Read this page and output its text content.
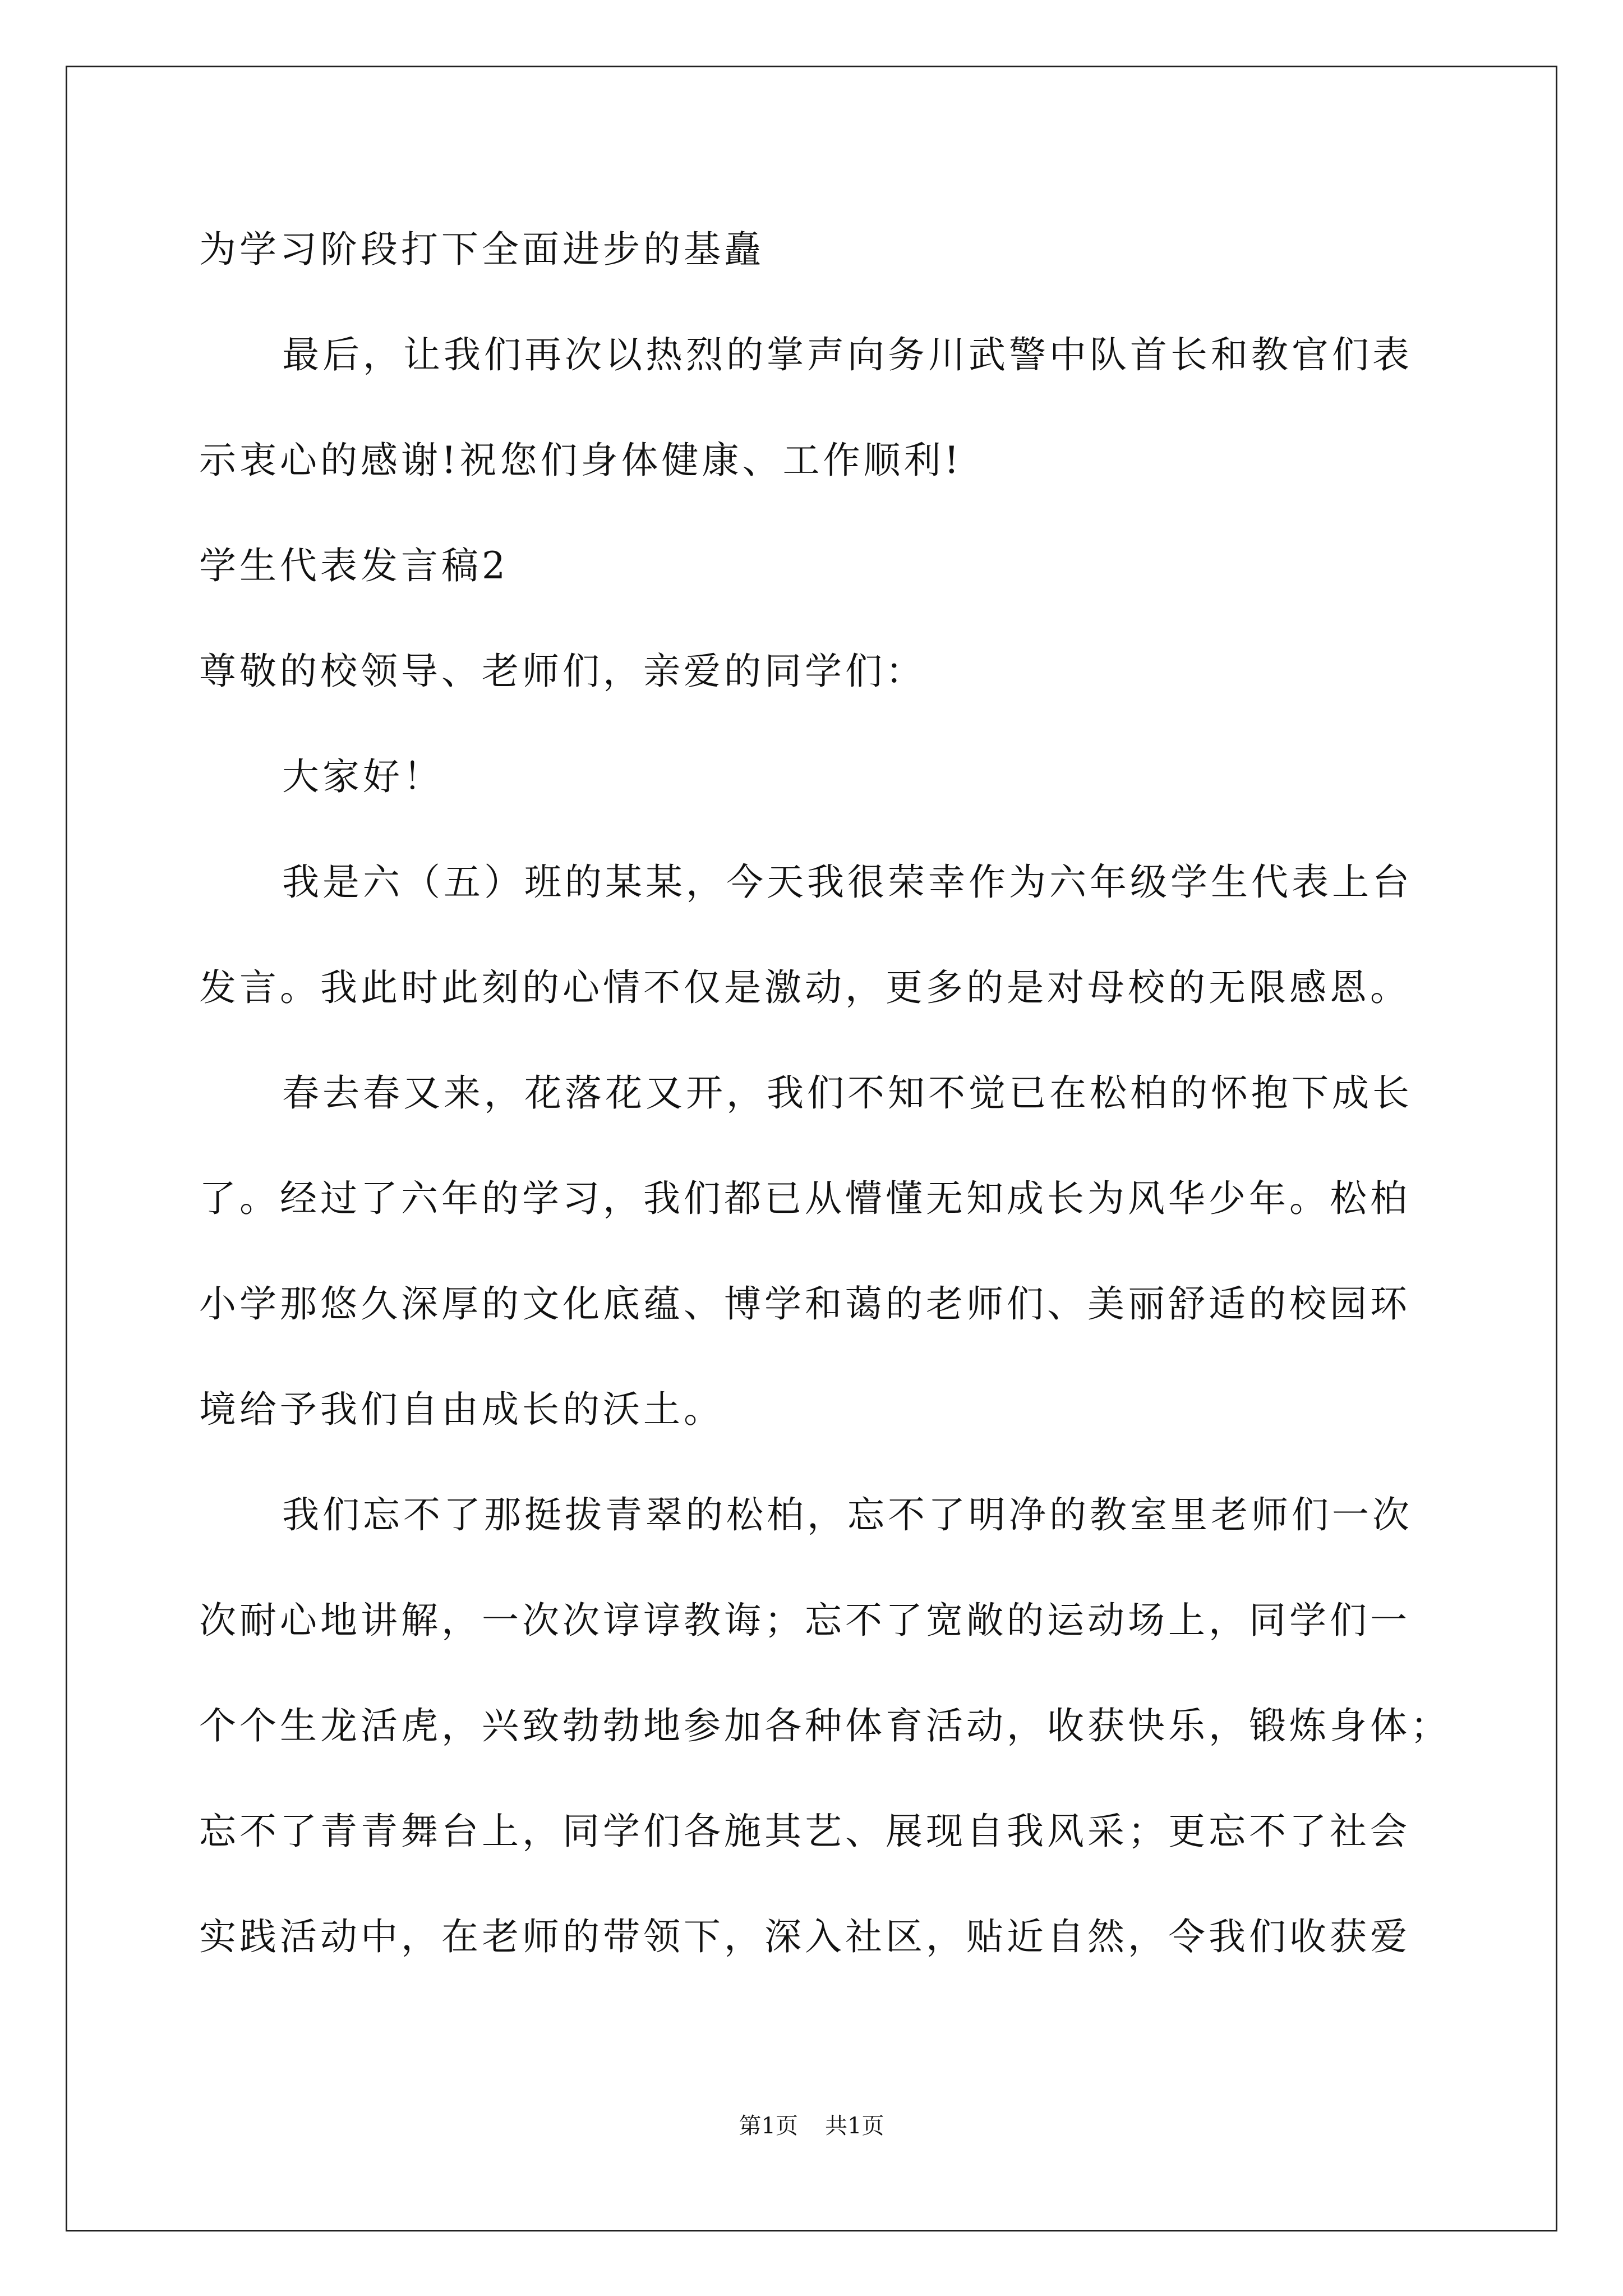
为学习阶段打下全面进步的基矗
最后，让我们再次以热烈的掌声向务川武警中队首长和教官们表
示衷心的感谢!祝您们身体健康、工作顺利!
学生代表发言稿2
尊敬的校领导、老师们，亲爱的同学们：
大家好！
我是六（五）班的某某，今天我很荣幸作为六年级学生代表上台
发言。我此时此刻的心情不仅是激动，更多的是对母校的无限感恩。
春去春又来，花落花又开，我们不知不觉已在松柏的怀抱下成长
了。经过了六年的学习，我们都已从懵懂无知成长为风华少年。松柏
小学那悠久深厚的文化底蕴、博学和蔼的老师们、美丽舒适的校园环
境给予我们自由成长的沃土。
我们忘不了那挺拔青翠的松柏，忘不了明净的教室里老师们一次
次耐心地讲解，一次次谆谆教诲；忘不了宽敞的运动场上，同学们一
个个生龙活虎，兴致勃勃地参加各种体育活动，收获快乐，锻炼身体；
忘不了青青舞台上，同学们各施其艺、展现自我风采；更忘不了社会
实践活动中，在老师的带领下，深入社区，贴近自然，令我们收获爱
第1页 共1页
